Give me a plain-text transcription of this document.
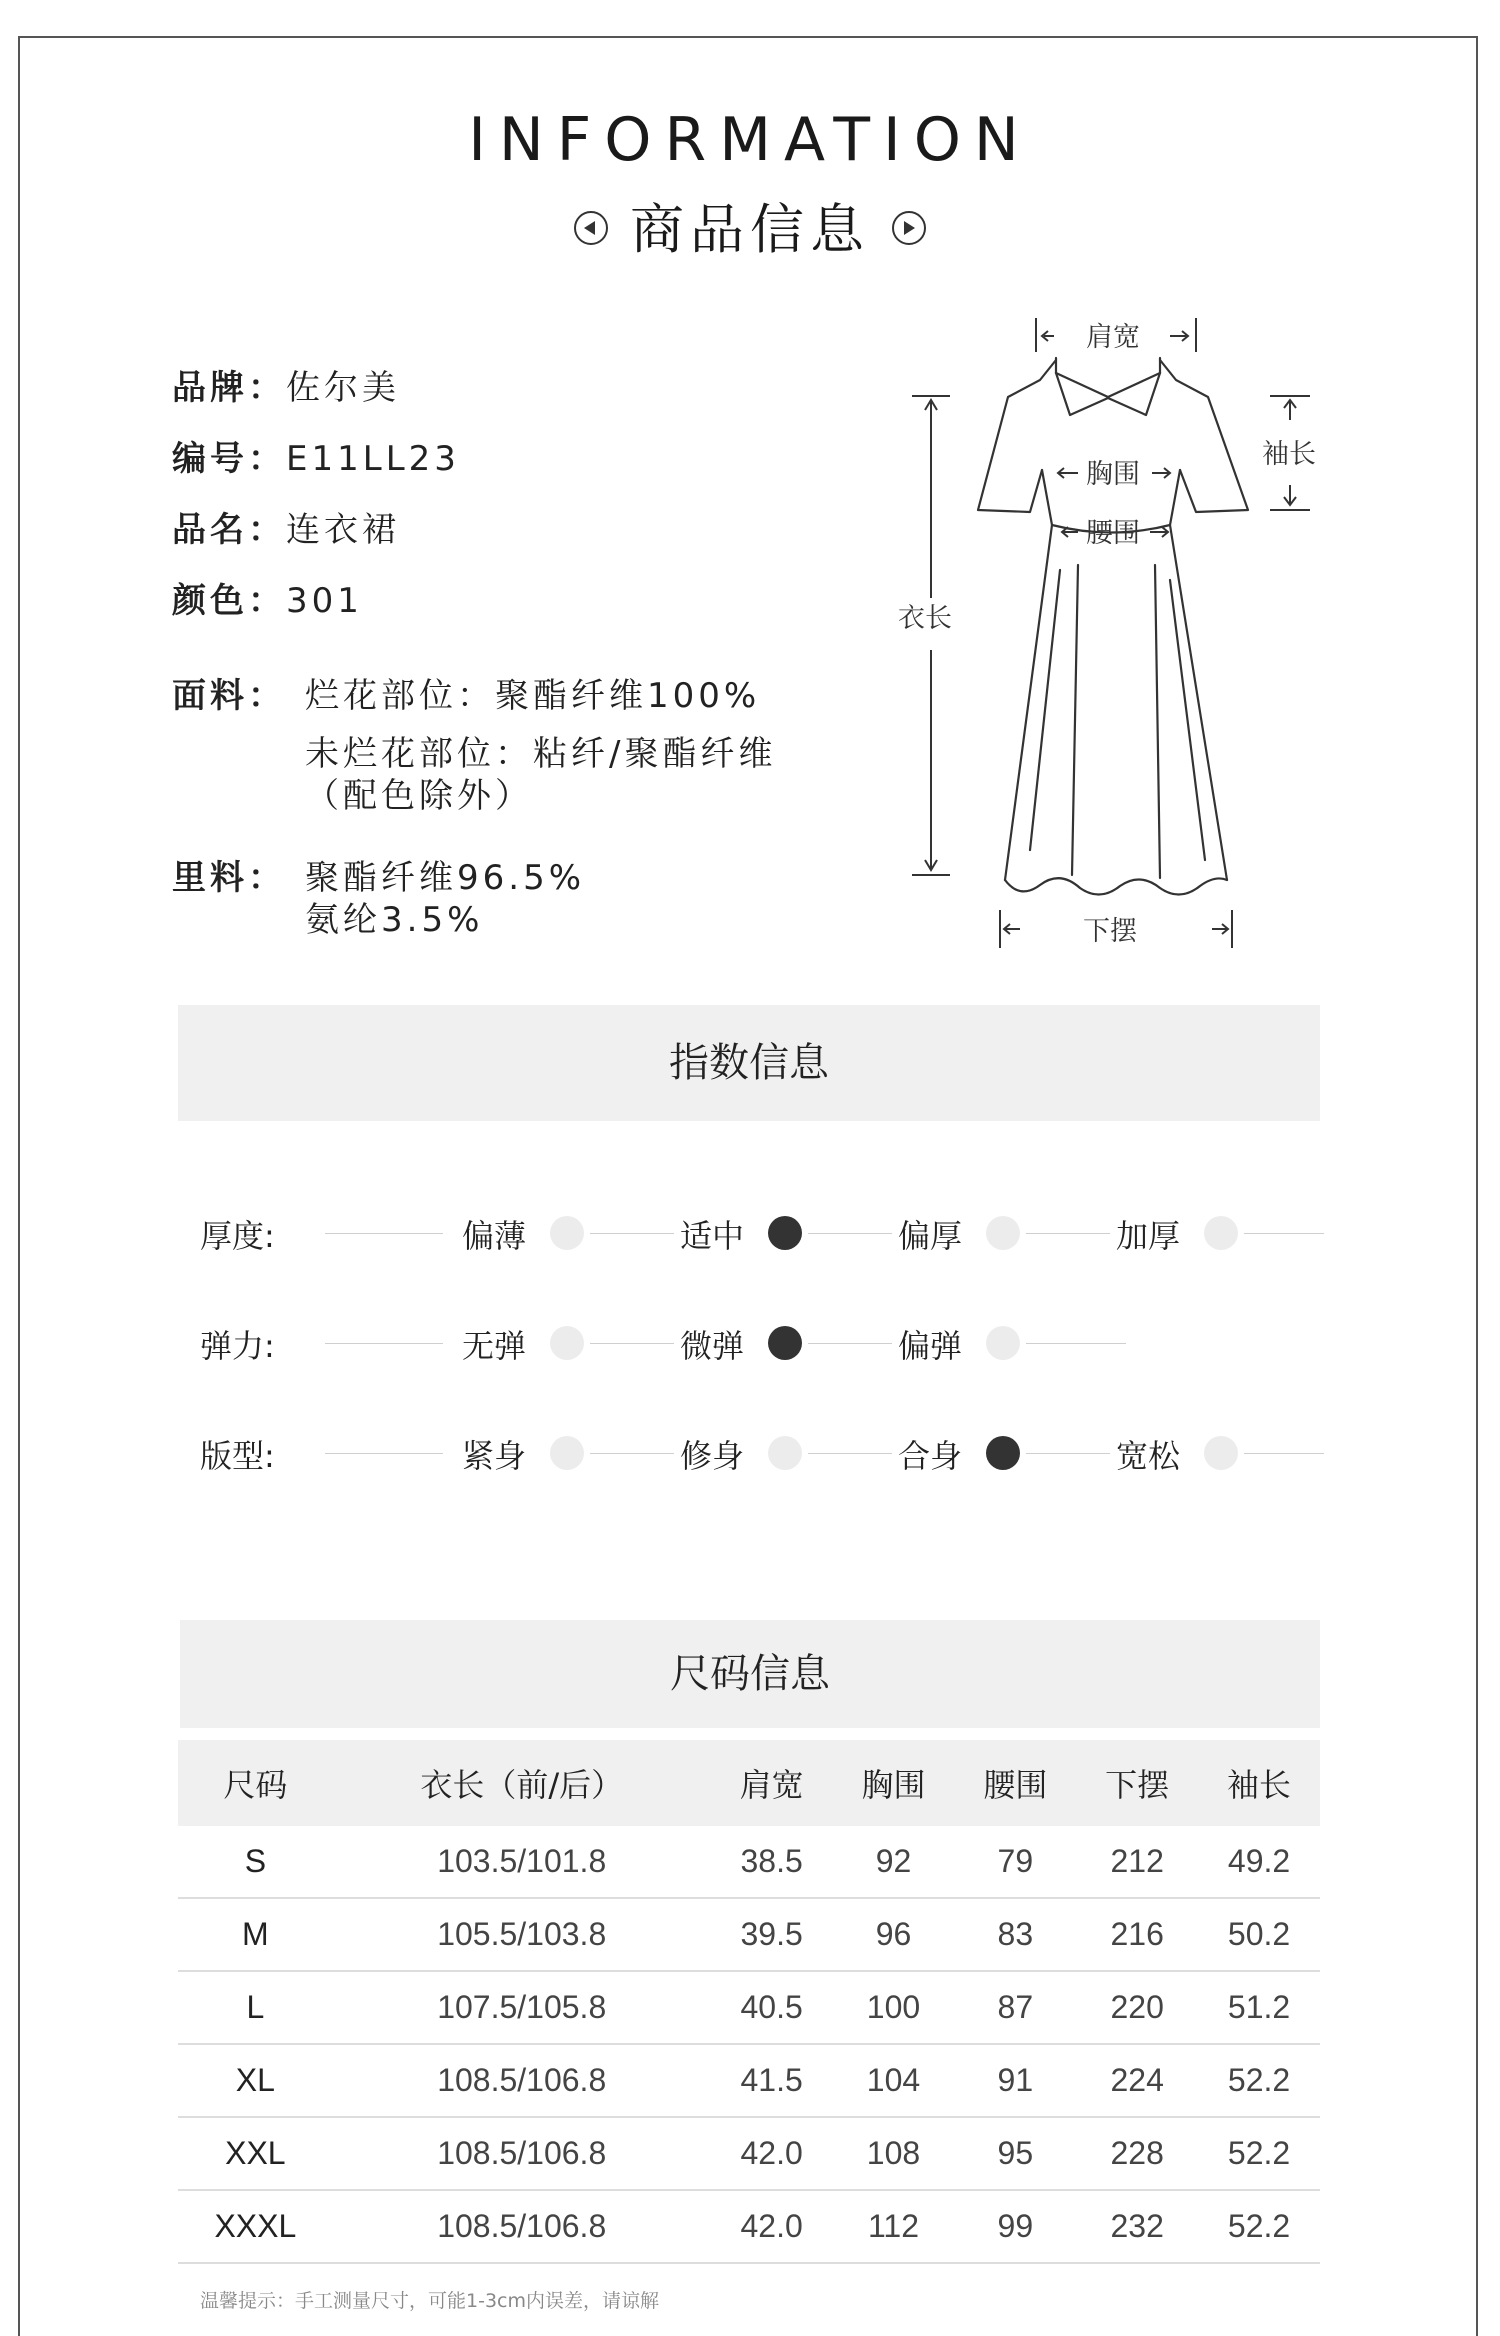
INFORMATION
商品信息
品牌：佐尔美
编号：E11LL23
品名：连衣裙
颜色：301
面料： 烂花部位：聚酯纤维100%
未烂花部位：粘纤/聚酯纤维
（配色除外）
里料： 聚酯纤维96.5%
氨纶3.5%
肩宽
袖长
胸围
腰围
衣长
下摆
指数信息
厚度:	偏薄	适中	偏厚	加厚
弹力:	无弹	微弹	偏弹
版型:	紧身	修身	合身	宽松
尺码信息
尺码	衣长（前/后）	肩宽	胸围	腰围	下摆	袖长
S	103.5/101.8	38.5	92	79	212	49.2
M	105.5/103.8	39.5	96	83	216	50.2
L	107.5/105.8	40.5	100	87	220	51.2
XL	108.5/106.8	41.5	104	91	224	52.2
XXL	108.5/106.8	42.0	108	95	228	52.2
XXXL	108.5/106.8	42.0	112	99	232	52.2
温馨提示：手工测量尺寸，可能1-3cm内误差，请谅解
